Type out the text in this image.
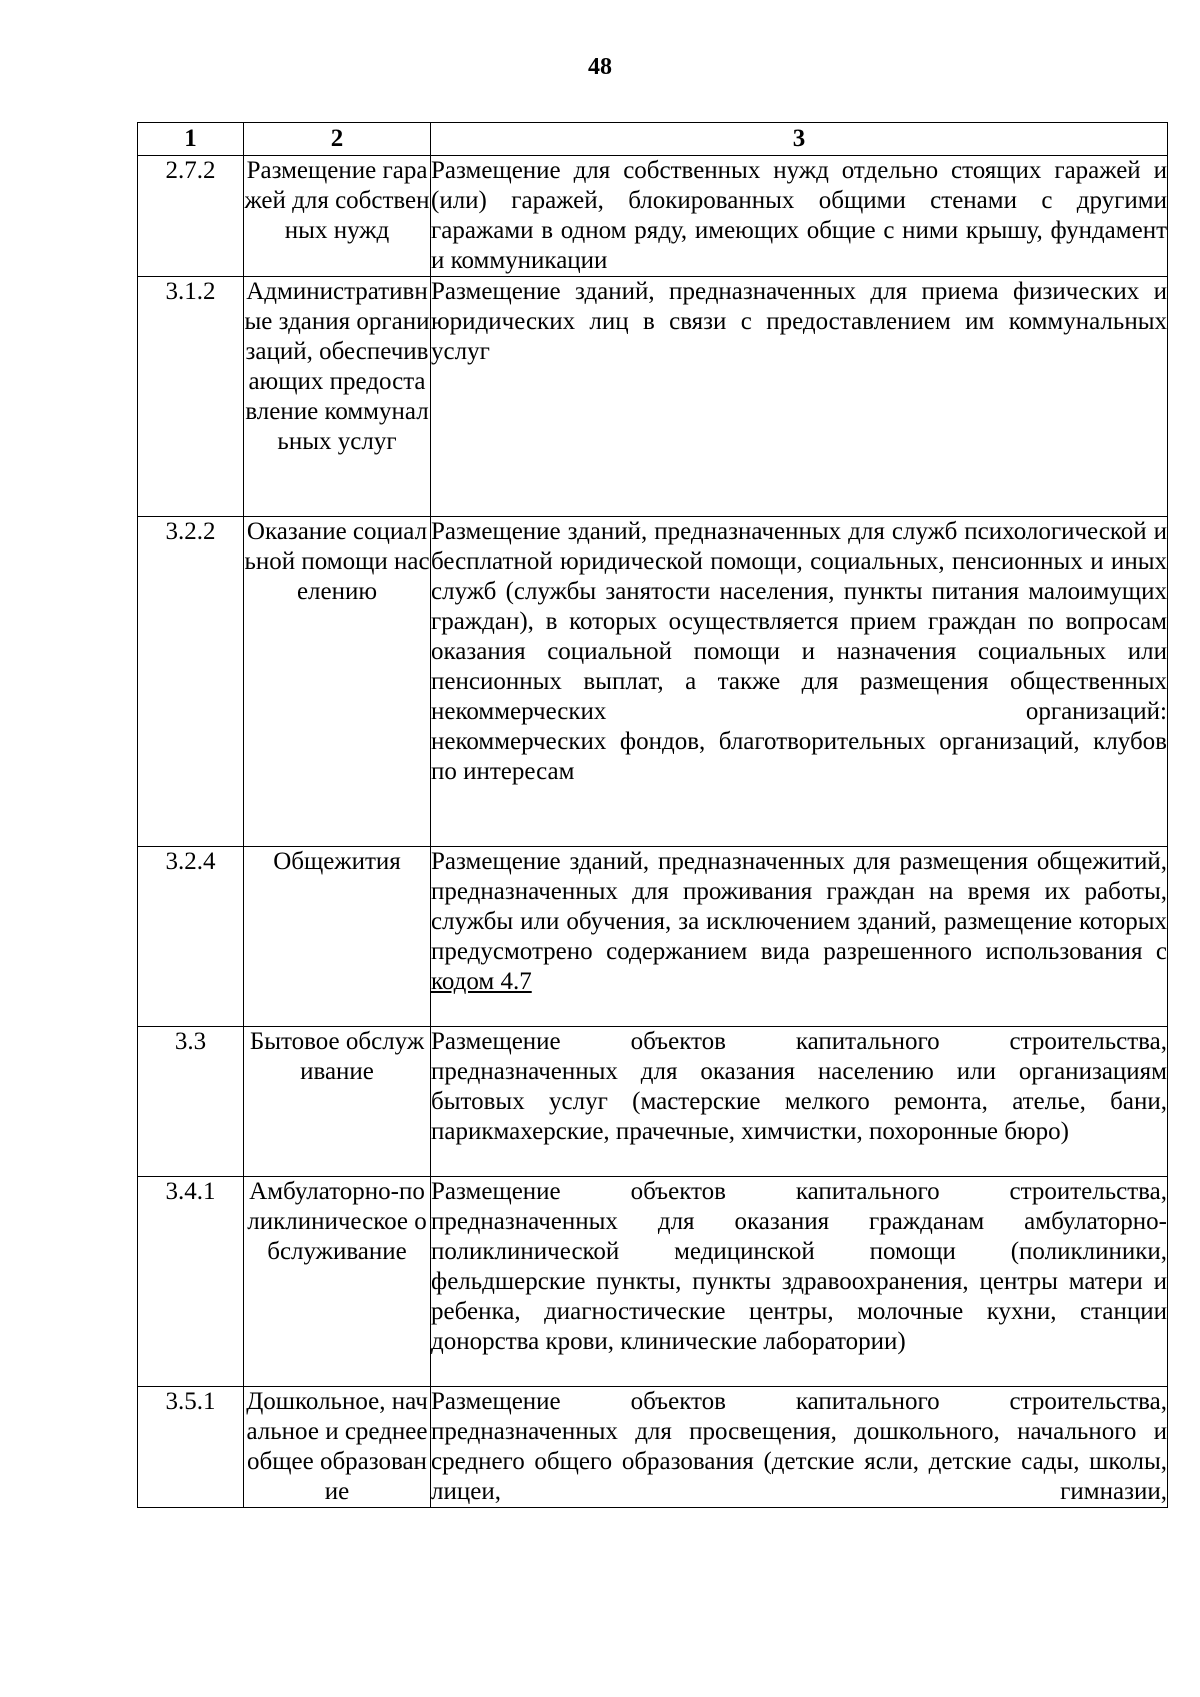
48
1	2	3
2.7.2	Размещение гаражей для собственных нужд	Размещение для собственных нужд отдельно стоящих гаражей и (или) гаражей, блокированных общими стенами с другими гаражами в одном ряду, имеющих общие с ними крышу, фундамент и коммуникации
3.1.2	Административные здания организаций, обеспечивающих предоставление коммунальных услуг	Размещение зданий, предназначенных для приема физических и юридических лиц в связи с предоставлением им коммунальных услуг
3.2.2	Оказание социальной помощи населению	Размещение зданий, предназначенных для служб психологической и бесплатной юридической помощи, социальных, пенсионных и иных служб (службы занятости населения, пункты питания малоимущих граждан), в которых осуществляется прием граждан по вопросам оказания социальной помощи и назначения социальных или пенсионных выплат, а также для размещения общественных некоммерческих организаций:
некоммерческих фондов, благотворительных организаций, клубов по интересам

3.2.4	Общежития	Размещение зданий, предназначенных для размещения общежитий, предназначенных для проживания граждан на время их работы, службы или обучения, за исключением зданий, размещение которых предусмотрено содержанием вида разрешенного использования с кодом 4.7
3.3	Бытовое обслуживание	Размещение объектов капитального строительства, предназначенных для оказания населению или организациям бытовых услуг (мастерские мелкого ремонта, ателье, бани, парикмахерские, прачечные, химчистки, похоронные бюро)
3.4.1	Амбулаторно-поликлиническое обслуживание	Размещение объектов капитального строительства, предназначенных для оказания гражданам амбулаторно-поликлинической медицинской помощи (поликлиники, фельдшерские пункты, пункты здравоохранения, центры матери и ребенка, диагностические центры, молочные кухни, станции донорства крови, клинические лаборатории)
3.5.1	Дошкольное, начальное и среднее общее образование	Размещение объектов капитального строительства, предназначенных для просвещения, дошкольного, начального и среднего общего образования (детские ясли, детские сады, школы, лицеи, гимназии,
